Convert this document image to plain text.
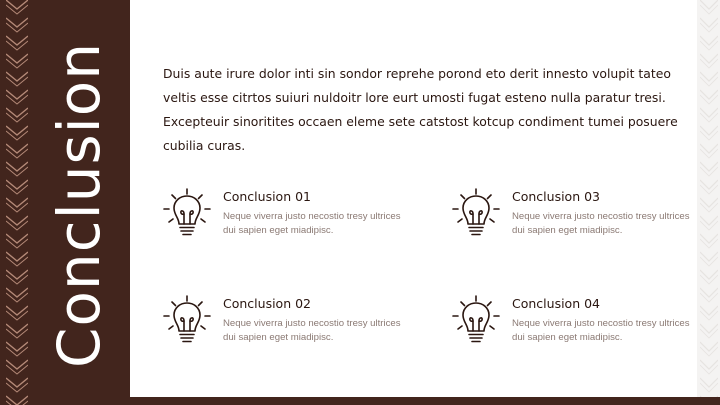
Conclusion	Duis aute irure dolor inti sin sondor reprehe porond eto derit innesto volupit tateo veltis esse citrtos suiuri nuldoitr lore eurt umosti fugat esteno nulla paratur tresi. Excepteuir sinoritites occaen eleme sete catstost kotcup condiment tumei posuere cubilia curas.

Conclusion 01

Neque viverra justo necostio tresy ultrices dui sapien eget miadipisc.

Conclusion 03

Neque viverra justo necostio tresy ultrices dui sapien eget miadipisc.

Conclusion 02

Neque viverra justo necostio tresy ultrices dui sapien eget miadipisc.

Conclusion 04

Neque viverra justo necostio tresy ultrices dui sapien eget miadipisc.
